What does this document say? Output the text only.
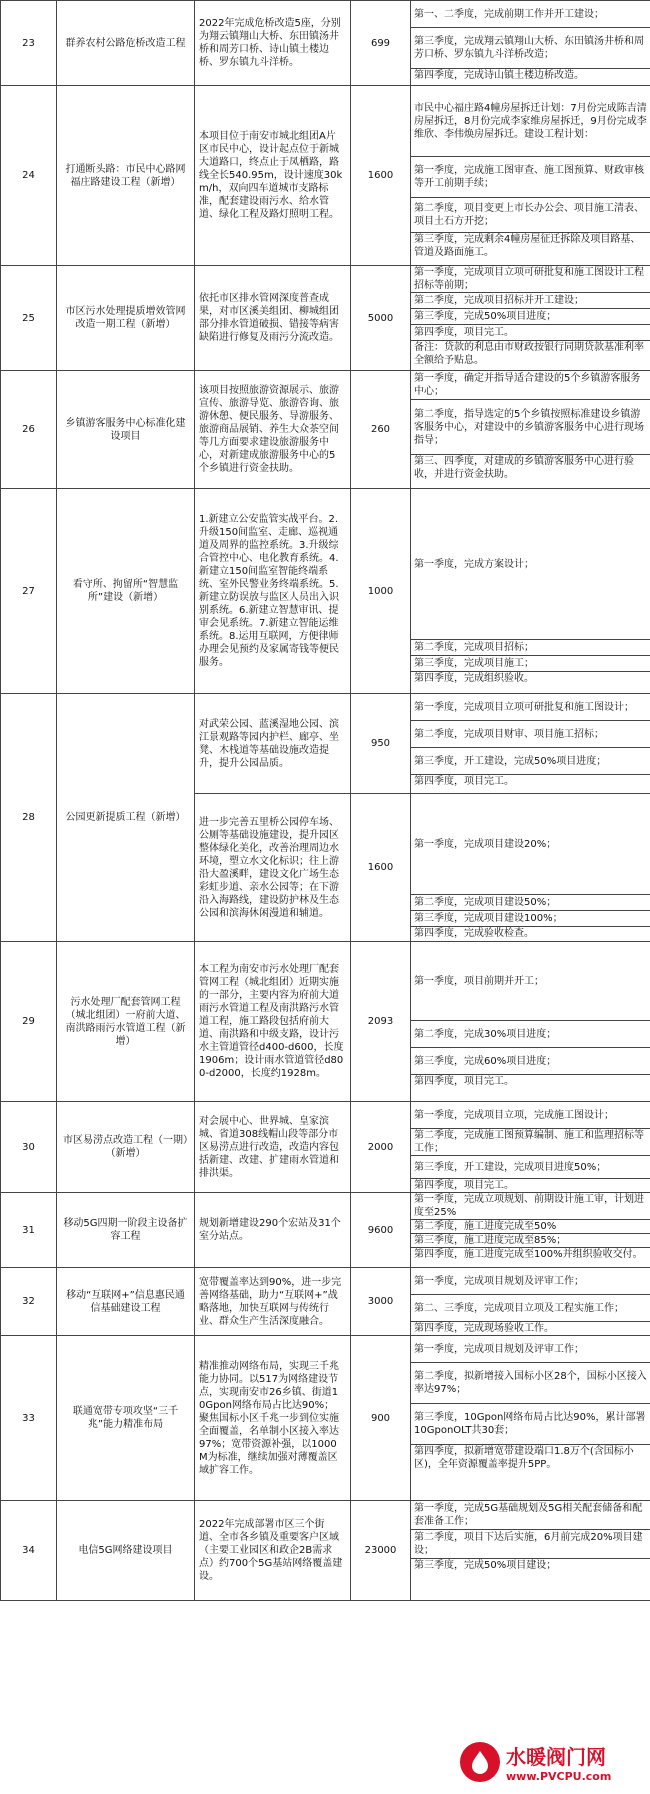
23	群养农村公路危桥改造工程	2022年完成危桥改造5座，分别为翔云镇翔山大桥、东田镇汤井桥和周芳口桥、诗山镇土楼边桥、罗东镇九斗洋桥。	699	第一、二季度，完成前期工作并开工建设；
第三季度，完成翔云镇翔山大桥、东田镇汤井桥和周芳口桥、罗东镇九斗洋桥改造；
第四季度，完成诗山镇土楼边桥改造。

24	打通断头路：市民中心路网福庄路建设工程（新增）	本项目位于南安市城北组团A片区市民中心，设计起点位于新城大道路口，终点止于凤栖路，路线全长540.95m，设计速度30km/h，双向四车道城市支路标准，配套建设雨污水、给水管道、绿化工程及路灯照明工程。	1600	市民中心福庄路4幢房屋拆迁计划：7月份完成陈吉清房屋拆迁，8月份完成李家维房屋拆迁，9月份完成李维欣、李伟焕房屋拆迁。建设工程计划：
第一季度，完成施工图审查、施工图预算、财政审核等开工前期手续；
第二季度，项目变更上市长办公会、项目施工清表、项目土石方开挖；
第三季度，完成剩余4幢房屋征迁拆除及项目路基、管道及路面施工。

25	市区污水处理提质增效管网改造一期工程（新增）	依托市区排水管网深度普查成果，对市区溪美组团、柳城组团部分排水管道破损、错接等病害缺陷进行修复及雨污分流改造。	5000	第一季度，完成项目立项可研批复和施工图设计工程招标等前期；
第二季度，完成项目招标并开工建设；
第三季度，完成50%项目进度；
第四季度，项目完工。
备注：贷款的利息由市财政按银行同期贷款基准利率全额给予贴息。

26	乡镇游客服务中心标准化建设项目	该项目按照旅游资源展示、旅游宣传、旅游导览、旅游咨询、旅游休憩、便民服务、导游服务、旅游商品展销、养生大众茶空间等几方面要求建设旅游服务中心，对新建成旅游服务中心的5个乡镇进行资金扶助。	260	第一季度，确定并指导适合建设的5个乡镇游客服务中心；
第二季度，指导选定的5个乡镇按照标准建设乡镇游客服务中心，对建设中的乡镇游客服务中心进行现场指导；
第三、四季度，对建成的乡镇游客服务中心进行验收，并进行资金扶助。

27	看守所、拘留所“智慧监所”建设（新增）	1.新建立公安监管实战平台。2.升级150间监室、走廊、巡视通道及周界的监控系统。3.升级综合管控中心、电化教育系统。4.新建立150间监室智能终端系统、室外民警业务终端系统。5.新建立防误放与监区人员出入识别系统。6.新建立智慧审讯、提审会见系统。7.新建立智能运维系统。8.运用互联网，方便律师办理会见预约及家属寄钱等便民服务。	1000	第一季度，完成方案设计；
第二季度，完成项目招标；
第三季度，完成项目施工；
第四季度，完成组织验收。

28	公园更新提质工程（新增）	对武荣公园、蓝溪湿地公园、滨江景观路等园内护栏、廊亭、坐凳、木栈道等基础设施改造提升，提升公园品质。	950	第一季度，完成项目立项可研批复和施工图设计；
第二季度，完成项目财审、项目施工招标；
第三季度，开工建设，完成50%项目进度；
第四季度，项目完工。

		进一步完善五里桥公园停车场、公厕等基础设施建设，提升园区整体绿化美化，改善治理周边水环境，塑立水文化标识；往上游沿大盈溪畔，建设文化广场生态彩虹步道、亲水公园等；在下游沿入海路线，建设防护林及生态公园和滨海休闲漫道和辅道。	1600	第一季度，完成项目建设20%；
第二季度，完成项目建设50%；
第三季度，完成项目建设100%；
第四季度，完成验收检查。

29	污水处理厂配套管网工程（城北组团）一府前大道、南洪路雨污水管道工程（新增）	本工程为南安市污水处理厂配套管网工程（城北组团）近期实施的一部分，主要内容为府前大道雨污水管道工程及南洪路污水管道工程，施工路段包括府前大道、南洪路和中级支路，设计污水主管道管径d400-d600，长度1906m；设计雨水管道管径d800-d2000，长度约1928m。	2093	第一季度，项目前期并开工；
第二季度，完成30%项目进度；
第三季度，完成60%项目进度；
第四季度，项目完工。

30	市区易涝点改造工程（一期）（新增）	对会展中心、世界城、皇家滨城、省道308线帽山段等部分市区易涝点进行改造，改造内容包括新建、改建、扩建雨水管道和排洪渠。	2000	第一季度，完成项目立项，完成施工图设计；
第二季度，完成施工图预算编制、施工和监理招标等工作；
第三季度，开工建设，完成项目进度50%；
第四季度，项目完工。

31	移动5G四期一阶段主设备扩容工程	规划新增建设290个宏站及31个室分站点。	9600	第一季度，完成立项规划、前期设计施工审，计划进度至25%
第二季度，施工进度完成至50%
第三季度，施工进度完成至85%；
第四季度，施工进度完成至100%并组织验收交付。

32	移动“互联网+”信息惠民通信基础建设工程	宽带覆盖率达到90%，进一步完善网络基础，助力“互联网+”战略落地，加快互联网与传统行业、群众生产生活深度融合。	3000	第一季度，完成项目规划及评审工作；
第二、三季度，完成项目立项及工程实施工作；
第四季度，完成现场验收工作。

33	联通宽带专项攻坚“三千兆”能力精准布局	精准推动网络布局，实现三千兆能力协同。以517为网络建设节点，实现南安市26乡镇、街道10Gpon网络布局占比达90%；聚焦国标小区千兆一步到位实施全面覆盖，名单制小区接入率达97%；宽带资源补强，以1000M为标准，继续加强对薄覆盖区域扩容工作。	900	第一季度，完成项目规划及评审工作；
第二季度，拟新增接入国标小区28个，国标小区接入率达97%；
第三季度，10Gpon网络布局占比达90%，累计部署10GponOLT共30套；
第四季度，拟新增宽带建设端口1.8万个(含国标小区)，全年资源覆盖率提升5PP。

34	电信5G网络建设项目	2022年完成部署市区三个街道、全市各乡镇及重要客户区域（主要工业园区和政企2B需求点）约700个5G基站网络覆盖建设。	23000	第一季度，完成5G基础规划及5G相关配套储备和配套准备工作；
第二季度，项目下达后实施，6月前完成20%项目建设；
第三季度，完成50%项目建设；
水暖阀门网
www.PVCPU.com
